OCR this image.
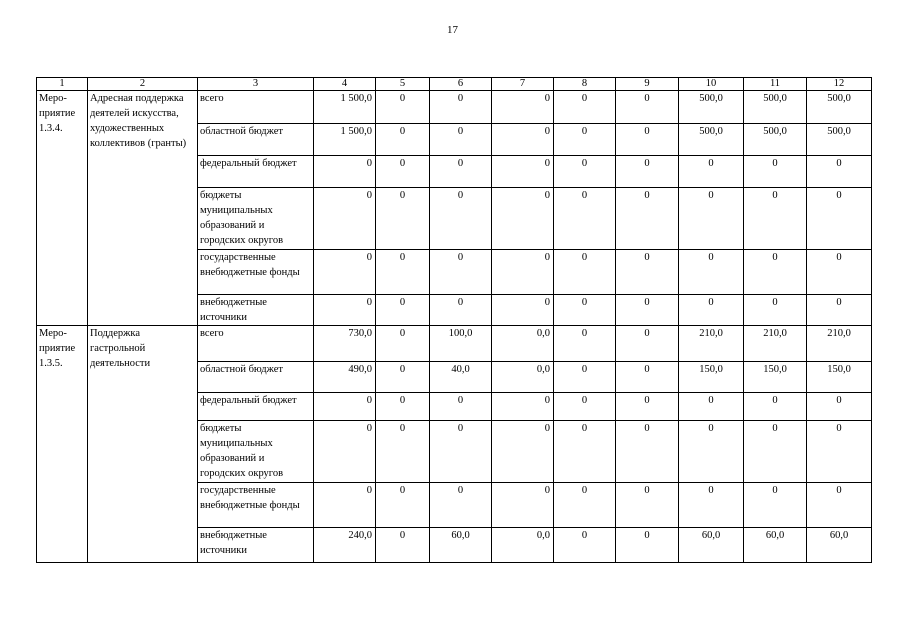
17
1	2	3	4	5	6	7	8	9	10	11	12

Меро-
приятие
1.3.4.	Адресная поддержка деятелей искусства, художественных коллективов (гранты)	всего	1 500,0	0	0	0	0	0	500,0	500,0	500,0
		областной бюджет	1 500,0	0	0	0	0	0	500,0	500,0	500,0
		федеральный бюджет	0	0	0	0	0	0	0	0	0
		бюджеты муниципальных образований и городских округов	0	0	0	0	0	0	0	0	0
		государственные внебюджетные фонды	0	0	0	0	0	0	0	0	0
		внебюджетные источники	0	0	0	0	0	0	0	0	0

Меро-
приятие
1.3.5.	Поддержка гастрольной деятельности	всего	730,0	0	100,0	0,0	0	0	210,0	210,0	210,0
		областной бюджет	490,0	0	40,0	0,0	0	0	150,0	150,0	150,0
		федеральный бюджет	0	0	0	0	0	0	0	0	0
		бюджеты муниципальных образований и городских округов	0	0	0	0	0	0	0	0	0
		государственные внебюджетные фонды	0	0	0	0	0	0	0	0	0
		внебюджетные источники	240,0	0	60,0	0,0	0	0	60,0	60,0	60,0
